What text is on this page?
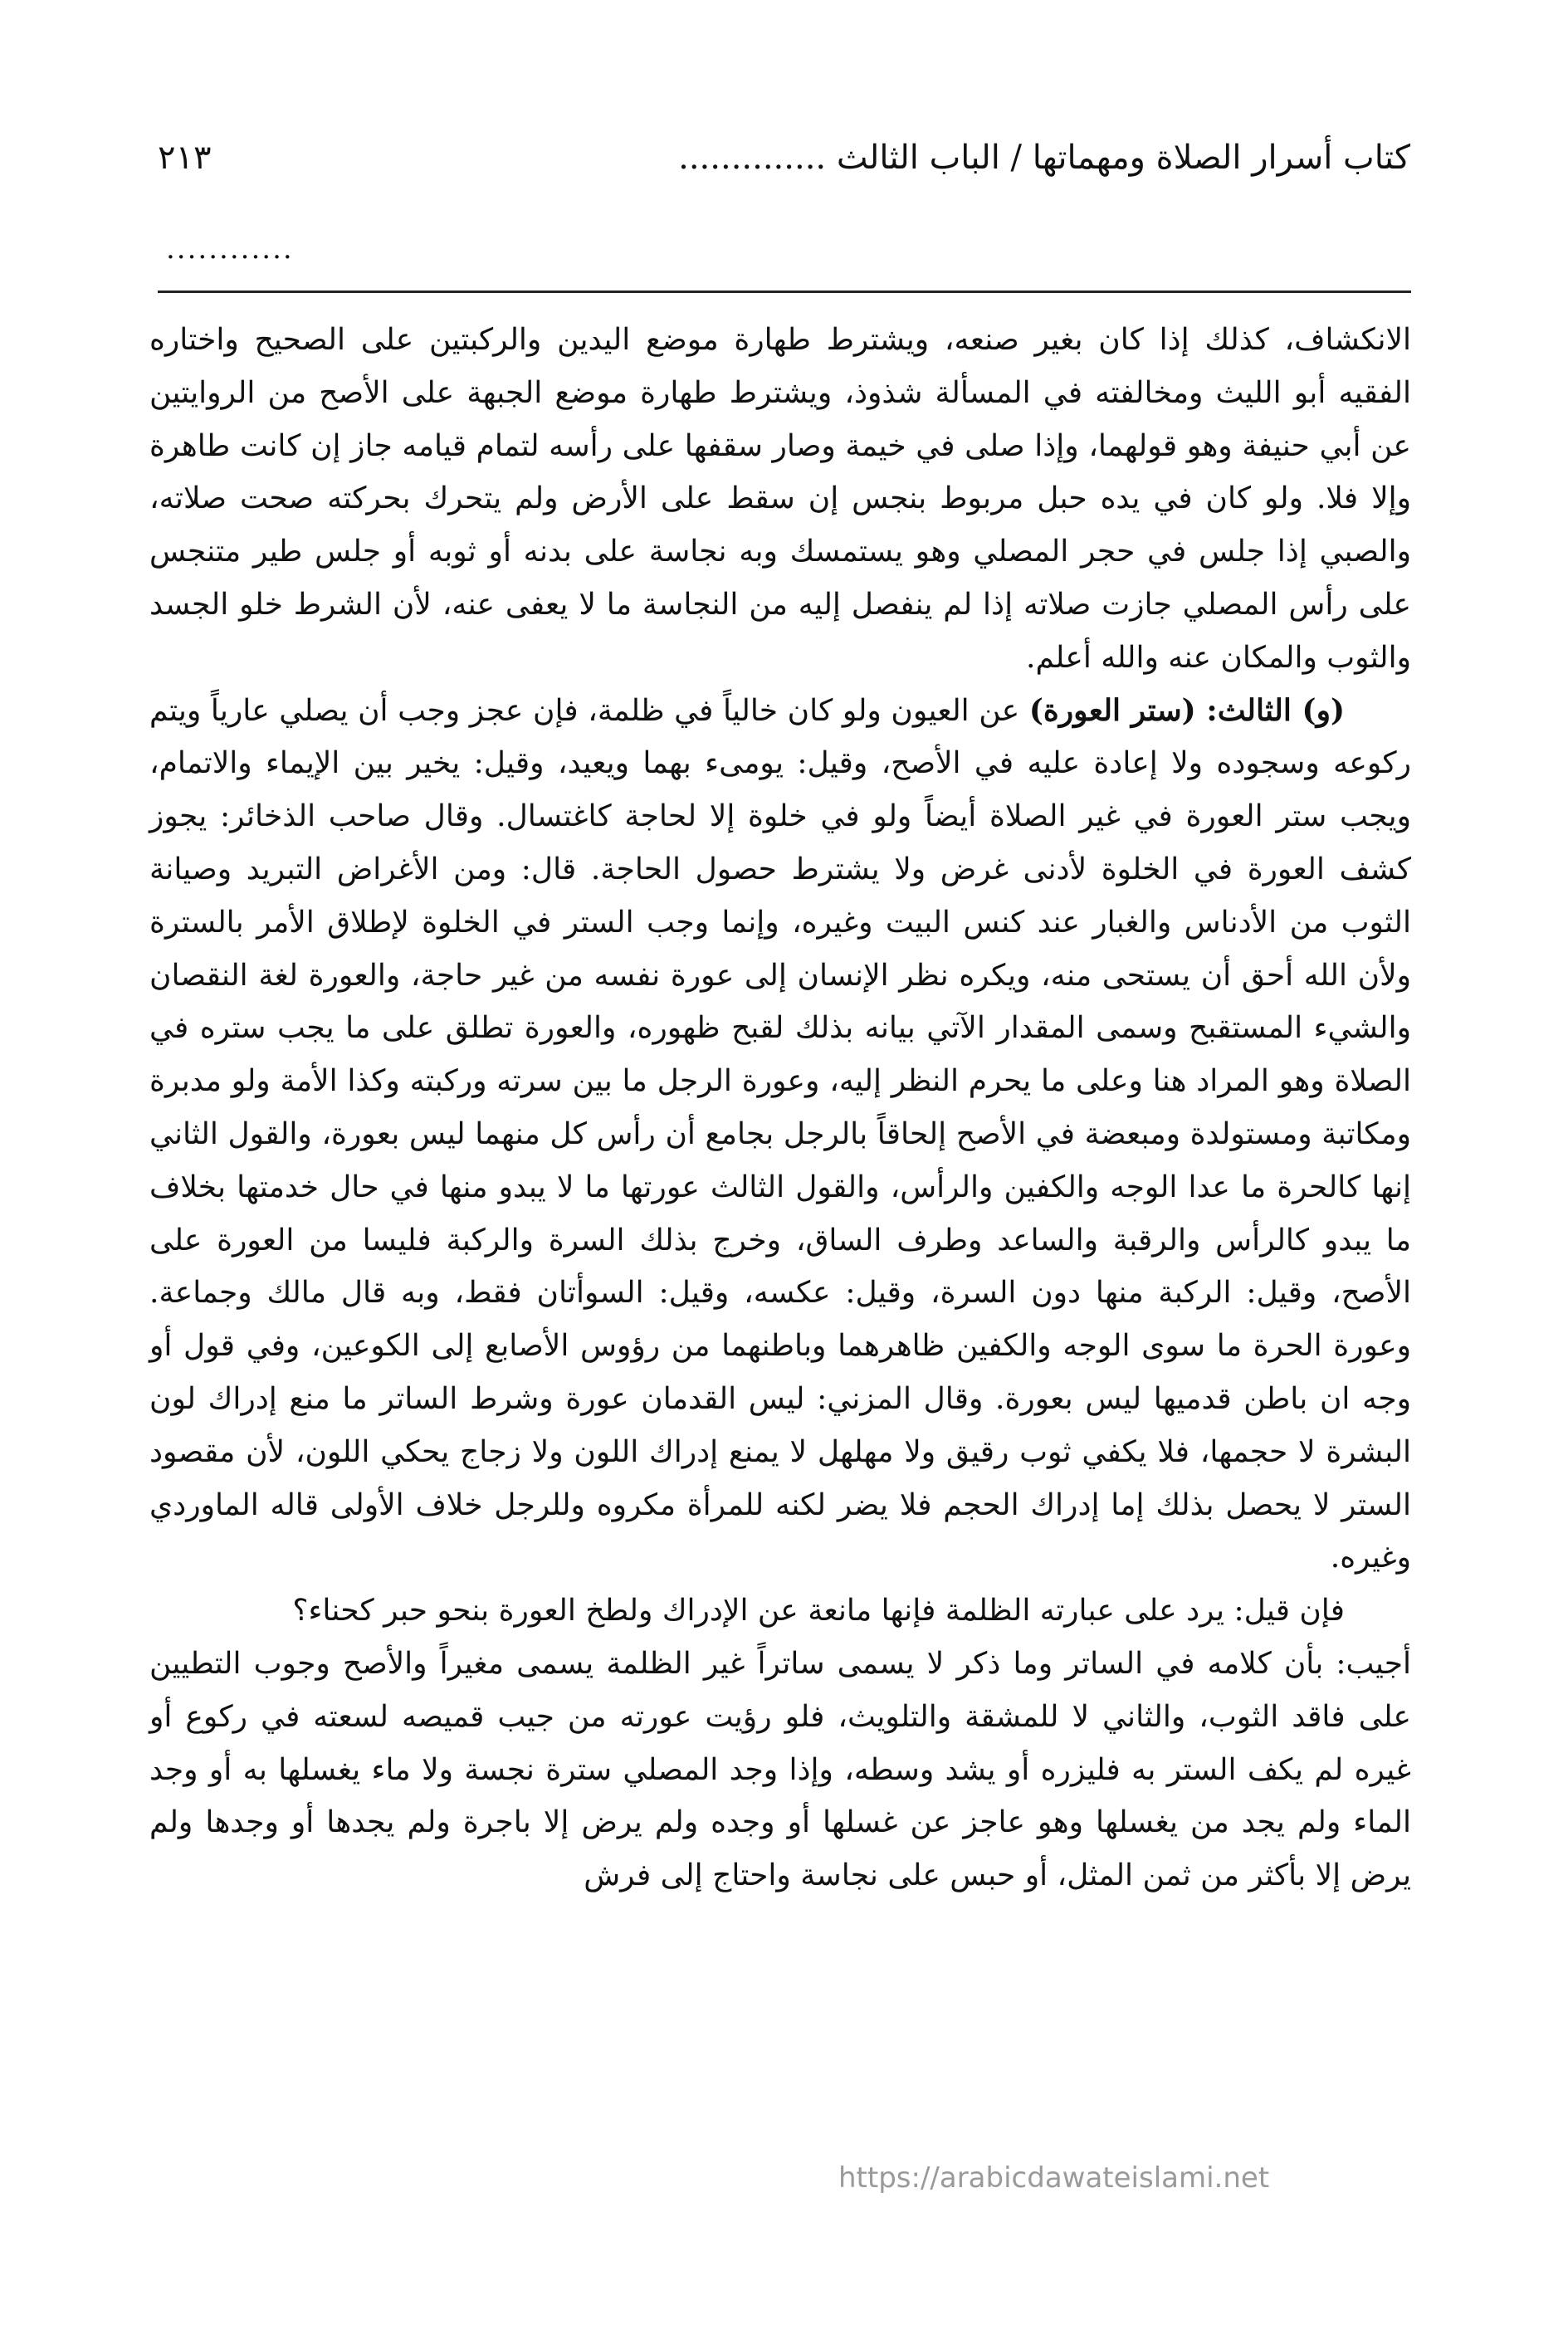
كتاب أسرار الصلاة ومهماتها / الباب الثالث ..............
٢١٣
............

الانكشاف، كذلك إذا كان بغير صنعه، ويشترط طهارة موضع اليدين والركبتين على الصحيح واختاره الفقيه أبو الليث ومخالفته في المسألة شذوذ، ويشترط طهارة موضع الجبهة على الأصح من الروايتين عن أبي حنيفة وهو قولهما، وإذا صلى في خيمة وصار سقفها على رأسه لتمام قيامه جاز إن كانت طاهرة وإلا فلا. ولو كان في يده حبل مربوط بنجس إن سقط على الأرض ولم يتحرك بحركته صحت صلاته، والصبي إذا جلس في حجر المصلي وهو يستمسك وبه نجاسة على بدنه أو ثوبه أو جلس طير متنجس على رأس المصلي جازت صلاته إذا لم ينفصل إليه من النجاسة ما لا يعفى عنه، لأن الشرط خلو الجسد والثوب والمكان عنه والله أعلم.

(و) الثالث: (ستر العورة) عن العيون ولو كان خالياً في ظلمة، فإن عجز وجب أن يصلي عارياً ويتم ركوعه وسجوده ولا إعادة عليه في الأصح، وقيل: يومىء بهما ويعيد، وقيل: يخير بين الإيماء والاتمام، ويجب ستر العورة في غير الصلاة أيضاً ولو في خلوة إلا لحاجة كاغتسال. وقال صاحب الذخائر: يجوز كشف العورة في الخلوة لأدنى غرض ولا يشترط حصول الحاجة. قال: ومن الأغراض التبريد وصيانة الثوب من الأدناس والغبار عند كنس البيت وغيره، وإنما وجب الستر في الخلوة لإطلاق الأمر بالسترة ولأن الله أحق أن يستحى منه، ويكره نظر الإنسان إلى عورة نفسه من غير حاجة، والعورة لغة النقصان والشيء المستقبح وسمى المقدار الآتي بيانه بذلك لقبح ظهوره، والعورة تطلق على ما يجب ستره في الصلاة وهو المراد هنا وعلى ما يحرم النظر إليه، وعورة الرجل ما بين سرته وركبته وكذا الأمة ولو مدبرة ومكاتبة ومستولدة ومبعضة في الأصح إلحاقاً بالرجل بجامع أن رأس كل منهما ليس بعورة، والقول الثاني إنها كالحرة ما عدا الوجه والكفين والرأس، والقول الثالث عورتها ما لا يبدو منها في حال خدمتها بخلاف ما يبدو كالرأس والرقبة والساعد وطرف الساق، وخرج بذلك السرة والركبة فليسا من العورة على الأصح، وقيل: الركبة منها دون السرة، وقيل: عكسه، وقيل: السوأتان فقط، وبه قال مالك وجماعة. وعورة الحرة ما سوى الوجه والكفين ظاهرهما وباطنهما من رؤوس الأصابع إلى الكوعين، وفي قول أو وجه ان باطن قدميها ليس بعورة. وقال المزني: ليس القدمان عورة وشرط الساتر ما منع إدراك لون البشرة لا حجمها، فلا يكفي ثوب رقيق ولا مهلهل لا يمنع إدراك اللون ولا زجاج يحكي اللون، لأن مقصود الستر لا يحصل بذلك إما إدراك الحجم فلا يضر لكنه للمرأة مكروه وللرجل خلاف الأولى قاله الماوردي وغيره.

فإن قيل: يرد على عبارته الظلمة فإنها مانعة عن الإدراك ولطخ العورة بنحو حبر كحناء؟

أجيب: بأن كلامه في الساتر وما ذكر لا يسمى ساتراً غير الظلمة يسمى مغيراً والأصح وجوب التطيين على فاقد الثوب، والثاني لا للمشقة والتلويث، فلو رؤيت عورته من جيب قميصه لسعته في ركوع أو غيره لم يكف الستر به فليزره أو يشد وسطه، وإذا وجد المصلي سترة نجسة ولا ماء يغسلها به أو وجد الماء ولم يجد من يغسلها وهو عاجز عن غسلها أو وجده ولم يرض إلا باجرة ولم يجدها أو وجدها ولم يرض إلا بأكثر من ثمن المثل، أو حبس على نجاسة واحتاج إلى فرش

https://arabicdawateislami.net
